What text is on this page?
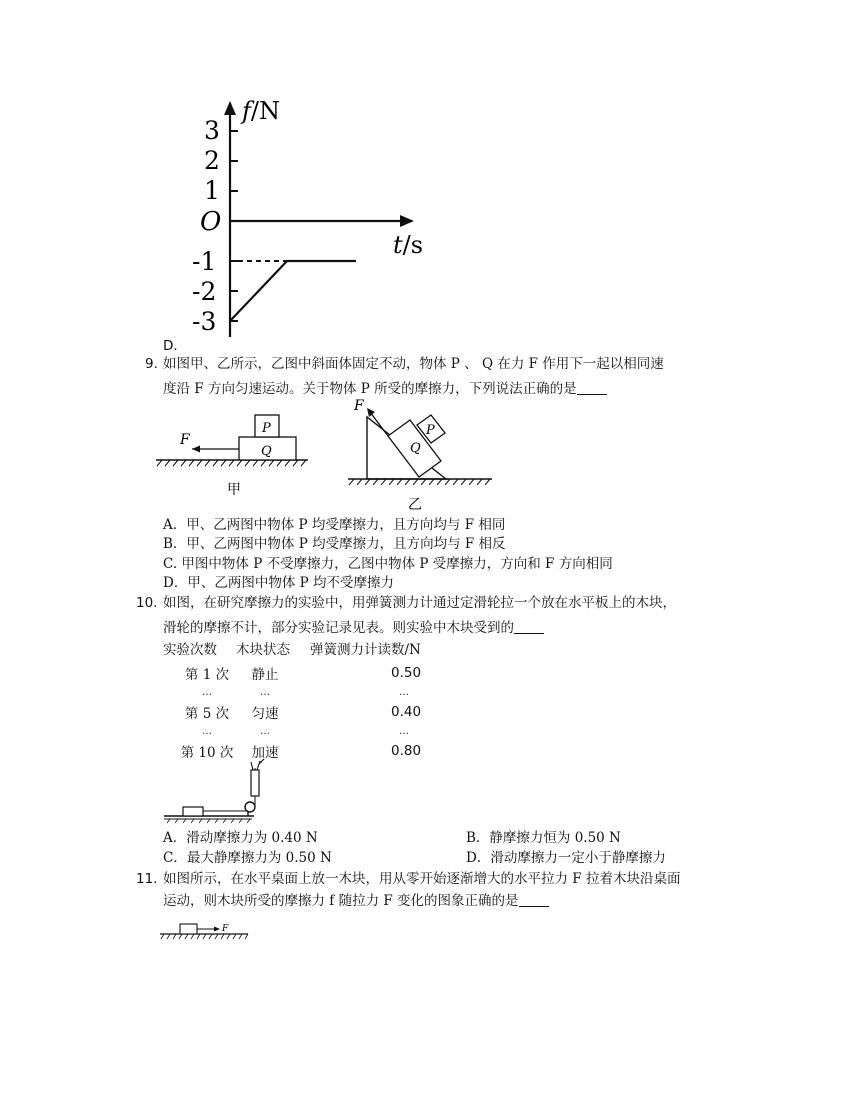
3
2
1
O
-1
-2
-3
f/N
t/s
D.
9. 如图甲、乙所示，乙图中斜面体固定不动，物体 P 、 Q 在力 F 作用下一起以相同速
度沿 F 方向匀速运动。关于物体 P 所受的摩擦力，下列说法正确的是
F
P
Q
甲
F
P
Q
乙
A．甲、乙两图中物体 P 均受摩擦力，且方向均与 F 相同
B．甲、乙两图中物体 P 均受摩擦力，且方向均与 F 相反
C. 甲图中物体 P 不受摩擦力，乙图中物体 P 受摩擦力，方向和 F 方向相同
D．甲、乙两图中物体 P 均不受摩擦力
10. 如图，在研究摩擦力的实验中，用弹簧测力计通过定滑轮拉一个放在水平板上的木块，
滑轮的摩擦不计，部分实验记录见表。则实验中木块受到的
实验次数 木块状态 弹簧测力计读数/N
第 1 次	静止		0.50
…	…		…
第 5 次	匀速		0.40
…	…		…
第 10 次	加速		0.80
A．滑动摩擦力为 0.40 N	B．静摩擦力恒为 0.50 N
C．最大静摩擦力为 0.50 N	D．滑动摩擦力一定小于静摩擦力
11. 如图所示，在水平桌面上放一木块，用从零开始逐渐增大的水平拉力 F 拉着木块沿桌面
运动，则木块所受的摩擦力 f 随拉力 F 变化的图象正确的是
F
